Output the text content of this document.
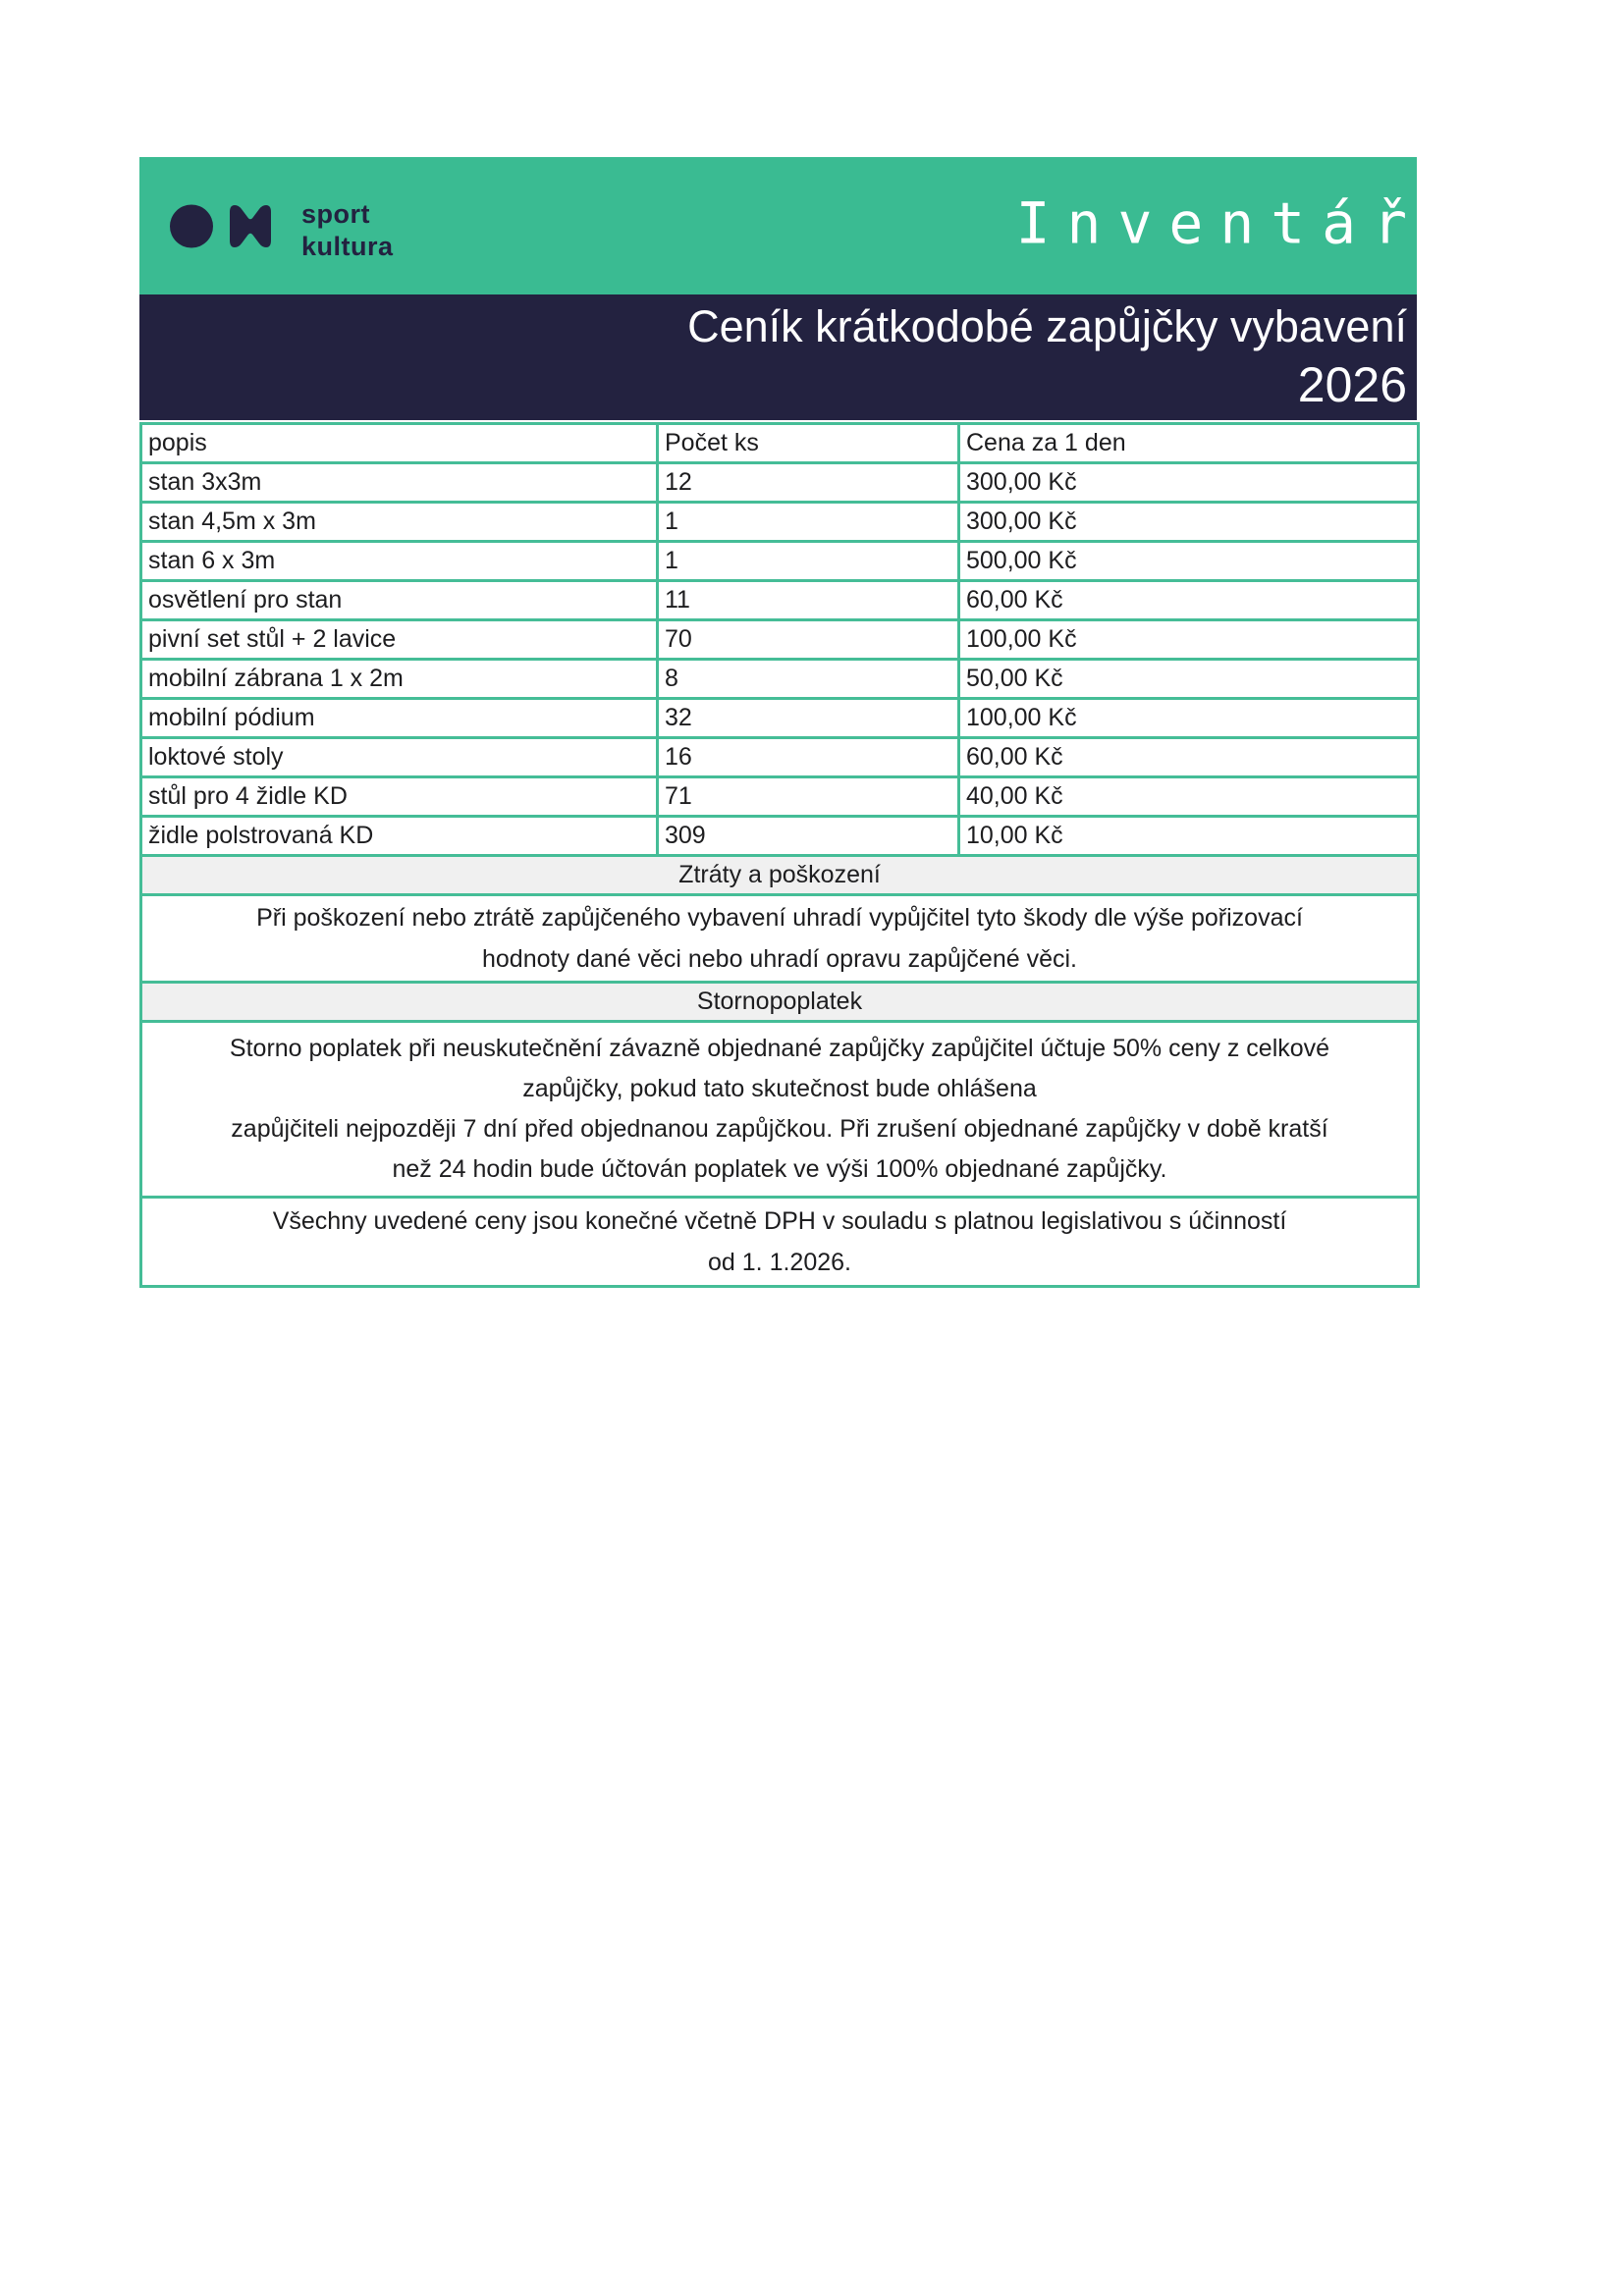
sport
kultura	Inventář
Ceník krátkodobé zapůjčky vybavení
2026
popis	Počet ks	Cena za 1 den
stan 3x3m	12	300,00 Kč
stan 4,5m x 3m	1	300,00 Kč
stan 6 x 3m	1	500,00 Kč
osvětlení pro stan	11	60,00 Kč
pivní set stůl + 2 lavice	70	100,00 Kč
mobilní zábrana 1 x 2m	8	50,00 Kč
mobilní pódium	32	100,00 Kč
loktové stoly	16	60,00 Kč
stůl pro 4 židle KD	71	40,00 Kč
židle polstrovaná KD	309	10,00 Kč
Ztráty a poškození		

Při poškození nebo ztrátě zapůjčeného vybavení uhradí vypůjčitel tyto škody dle výše pořizovací
hodnoty dané věci nebo uhradí opravu zapůjčené věci.		

Stornopoplatek		

Storno poplatek při neuskutečnění závazně objednané zapůjčky zapůjčitel účtuje 50% ceny z celkové
zapůjčky, pokud tato skutečnost bude ohlášena
zapůjčiteli nejpozději 7 dní před objednanou zapůjčkou. Při zrušení objednané zapůjčky v době kratší
než 24 hodin bude účtován poplatek ve výši 100% objednané zapůjčky.		

Všechny uvedené ceny jsou konečné včetně DPH v souladu s platnou legislativou s účinností
od 1. 1.2026.		
